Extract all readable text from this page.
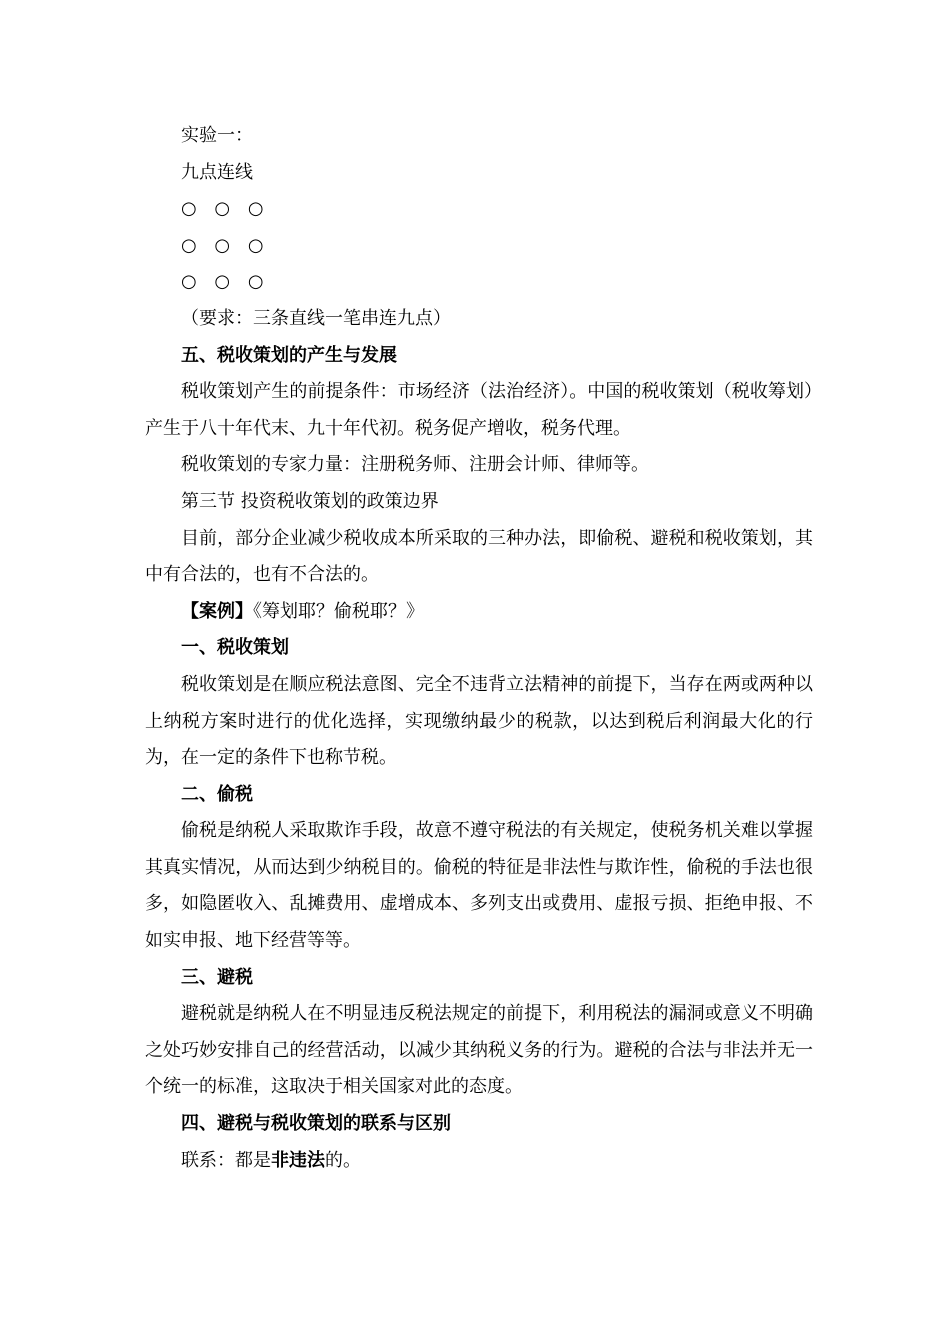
实验一：

九点连线

○ ○ ○

○ ○ ○

○ ○ ○

（要求：三条直线一笔串连九点）

五、税收策划的产生与发展

税收策划产生的前提条件：市场经济（法治经济）。中国的税收策划（税收筹划）产生于八十年代末、九十年代初。税务促产增收，税务代理。

税收策划的专家力量：注册税务师、注册会计师、律师等。

第三节 投资税收策划的政策边界

目前，部分企业减少税收成本所采取的三种办法，即偷税、避税和税收策划，其中有合法的，也有不合法的。

【案例】《筹划耶？偷税耶？》

一、税收策划

税收策划是在顺应税法意图、完全不违背立法精神的前提下，当存在两或两种以上纳税方案时进行的优化选择，实现缴纳最少的税款，以达到税后利润最大化的行为，在一定的条件下也称节税。

二、偷税

偷税是纳税人采取欺诈手段，故意不遵守税法的有关规定，使税务机关难以掌握其真实情况，从而达到少纳税目的。偷税的特征是非法性与欺诈性，偷税的手法也很多，如隐匿收入、乱摊费用、虚增成本、多列支出或费用、虚报亏损、拒绝申报、不如实申报、地下经营等等。

三、避税

避税就是纳税人在不明显违反税法规定的前提下，利用税法的漏洞或意义不明确之处巧妙安排自己的经营活动，以减少其纳税义务的行为。避税的合法与非法并无一个统一的标准，这取决于相关国家对此的态度。

四、避税与税收策划的联系与区别

联系：都是非违法的。
